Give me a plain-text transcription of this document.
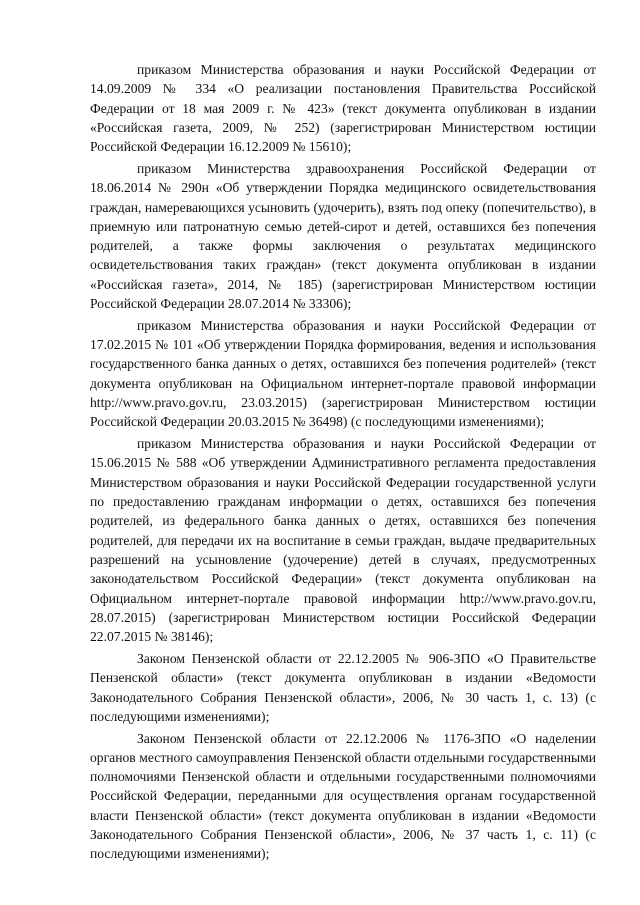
приказом Министерства образования и науки Российской Федерации от 14.09.2009 № 334 «О реализации постановления Правительства Российской Федерации от 18 мая 2009 г. № 423» (текст документа опубликован в издании «Российская газета, 2009, № 252) (зарегистрирован Министерством юстиции Российской Федерации 16.12.2009 № 15610);

приказом Министерства здравоохранения Российской Федерации от 18.06.2014 № 290н «Об утверждении Порядка медицинского освидетельствования граждан, намеревающихся усыновить (удочерить), взять под опеку (попечительство), в приемную или патронатную семью детей-сирот и детей, оставшихся без попечения родителей, а также формы заключения о результатах медицинского освидетельствования таких граждан» (текст документа опубликован в издании «Российская газета», 2014, № 185) (зарегистрирован Министерством юстиции Российской Федерации 28.07.2014 № 33306);

приказом Министерства образования и науки Российской Федерации от 17.02.2015 № 101 «Об утверждении Порядка формирования, ведения и использования государственного банка данных о детях, оставшихся без попечения родителей» (текст документа опубликован на Официальном интернет-портале правовой информации http://www.pravo.gov.ru, 23.03.2015) (зарегистрирован Министерством юстиции Российской Федерации 20.03.2015 № 36498) (с последующими изменениями);

приказом Министерства образования и науки Российской Федерации от 15.06.2015 № 588 «Об утверждении Административного регламента предоставления Министерством образования и науки Российской Федерации государственной услуги по предоставлению гражданам информации о детях, оставшихся без попечения родителей, из федерального банка данных о детях, оставшихся без попечения родителей, для передачи их на воспитание в семьи граждан, выдаче предварительных разрешений на усыновление (удочерение) детей в случаях, предусмотренных законодательством Российской Федерации» (текст документа опубликован на Официальном интернет-портале правовой информации http://www.pravo.gov.ru, 28.07.2015) (зарегистрирован Министерством юстиции Российской Федерации 22.07.2015 № 38146);

Законом Пензенской области от 22.12.2005 № 906-ЗПО «О Правительстве Пензенской области» (текст документа опубликован в издании «Ведомости Законодательного Собрания Пензенской области», 2006, № 30 часть 1, с. 13) (с последующими изменениями);

Законом Пензенской области от 22.12.2006 № 1176-ЗПО «О наделении органов местного самоуправления Пензенской области отдельными государственными полномочиями Пензенской области и отдельными государственными полномочиями Российской Федерации, переданными для осуществления органам государственной власти Пензенской области» (текст документа опубликован в издании «Ведомости Законодательного Собрания Пензенской области», 2006, № 37 часть 1, с. 11) (с последующими изменениями);
